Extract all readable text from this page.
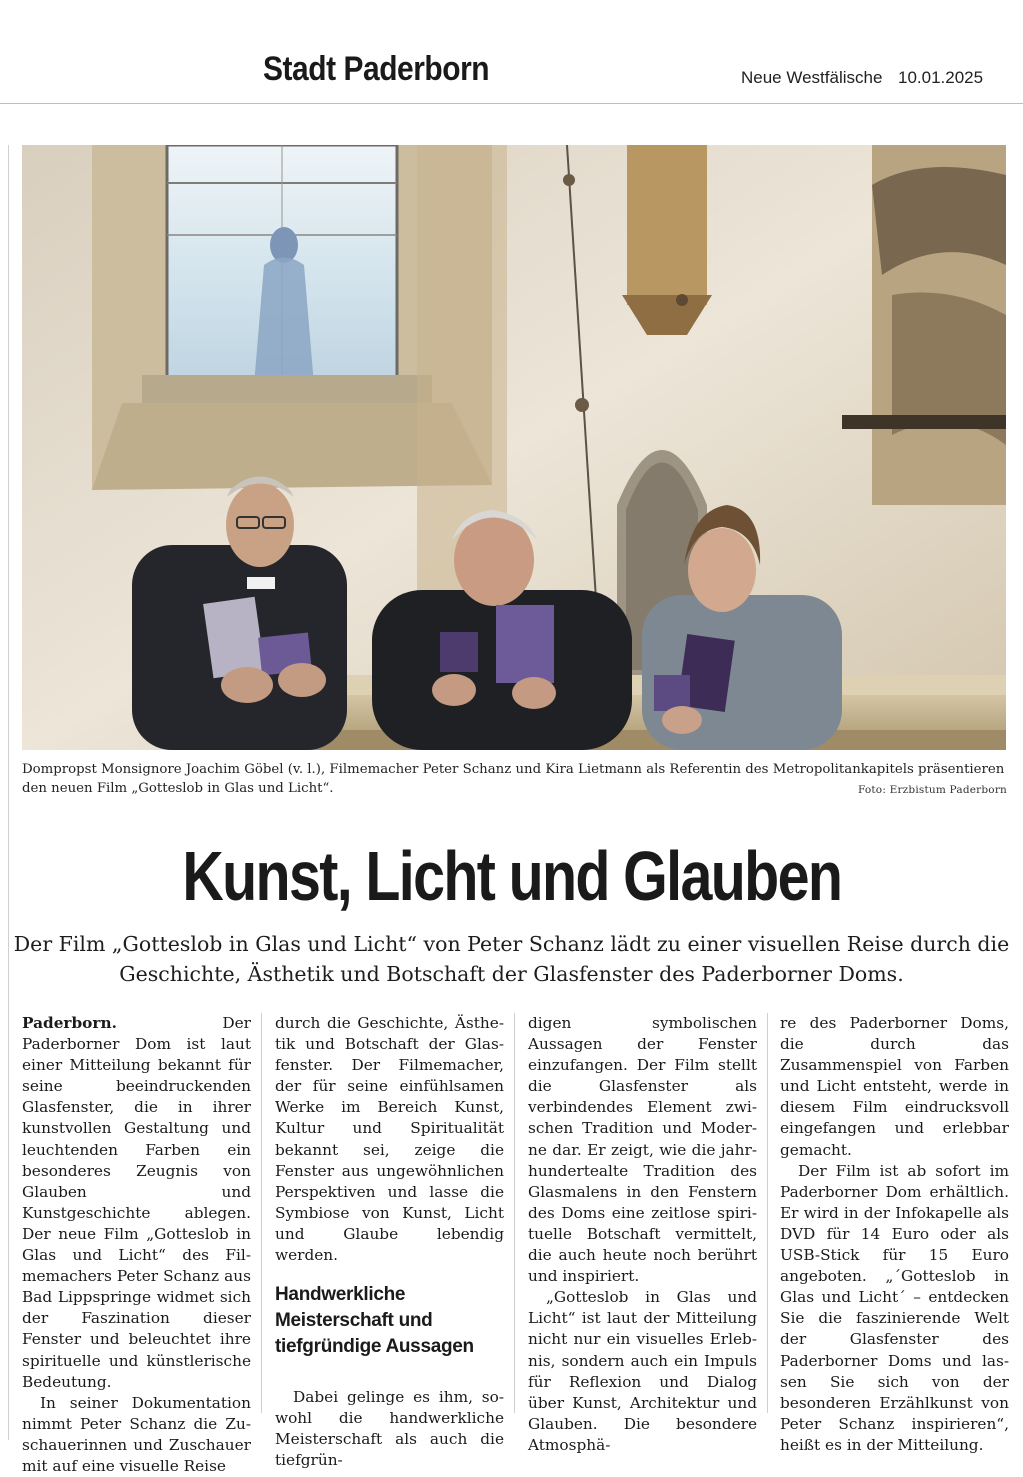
Stadt Paderborn	Neue Westfälische 10.01.2025
Dompropst Monsignore Joachim Göbel (v. l.), Filmemacher Peter Schanz und Kira Lietmann als Referentin des Metropolitankapitels präsentieren den neuen Film „Gotteslob in Glas und Licht“.	Foto: Erzbistum Paderborn
Kunst, Licht und Glauben
Der Film „Gotteslob in Glas und Licht“ von Peter Schanz lädt zu einer visuellen Reise durch die Geschichte, Ästhetik und Botschaft der Glasfenster des Paderborner Doms.

Paderborn.	Der Paderborner Dom ist laut einer Mitteilung bekannt für seine beeindruckenden Glasfenster, die in ihrer kunstvollen Gestaltung und leuchtenden Farben ein besonderes Zeugnis von Glauben und Kunstgeschichte ablegen. Der neue Film „Gotteslob in Glas und Licht“ des Filmemachers Peter Schanz aus Bad Lippspringe widmet sich der Faszination dieser Fenster und beleuchtet ihre spirituelle und künstlerische Bedeutung.

In seiner Dokumentation nimmt Peter Schanz die Zuschauerinnen und Zuschauer mit auf eine visuelle Reise

durch die Geschichte, Ästhetik und Botschaft der Glasfenster. Der Filmemacher, der für seine einfühlsamen Werke im Bereich Kunst, Kultur und Spiritualität bekannt sei, zeige die Fenster aus ungewöhnlichen Perspektiven und lasse die Symbiose von Kunst, Licht und Glaube lebendig werden.

Handwerkliche Meisterschaft und tiefgründige Aussagen

Dabei gelinge es ihm, sowohl die handwerkliche Meisterschaft als auch die tiefgrün-

digen symbolischen Aussagen der Fenster einzufangen. Der Film stellt die Glasfenster als verbindendes Element zwischen Tradition und Moderne dar. Er zeigt, wie die jahrhundertealte Tradition des Glasmalens in den Fenstern des Doms eine zeitlose spirituelle Botschaft vermittelt, die auch heute noch berührt und inspiriert.

„Gotteslob in Glas und Licht“ ist laut der Mitteilung nicht nur ein visuelles Erlebnis, sondern auch ein Impuls für Reflexion und Dialog über Kunst, Architektur und Glauben. Die besondere Atmosphä-

re des Paderborner Doms, die durch das Zusammenspiel von Farben und Licht entsteht, werde in diesem Film eindrucksvoll eingefangen und erlebbar gemacht.

Der Film ist ab sofort im Paderborner Dom erhältlich. Er wird in der Infokapelle als DVD für 14 Euro oder als USB-Stick für 15 Euro angeboten. „´Gotteslob in Glas und Licht´ – entdecken Sie die faszinierende Welt der Glasfenster des Paderborner Doms und lassen Sie sich von der besonderen Erzählkunst von Peter Schanz inspirieren“, heißt es in der Mitteilung.
